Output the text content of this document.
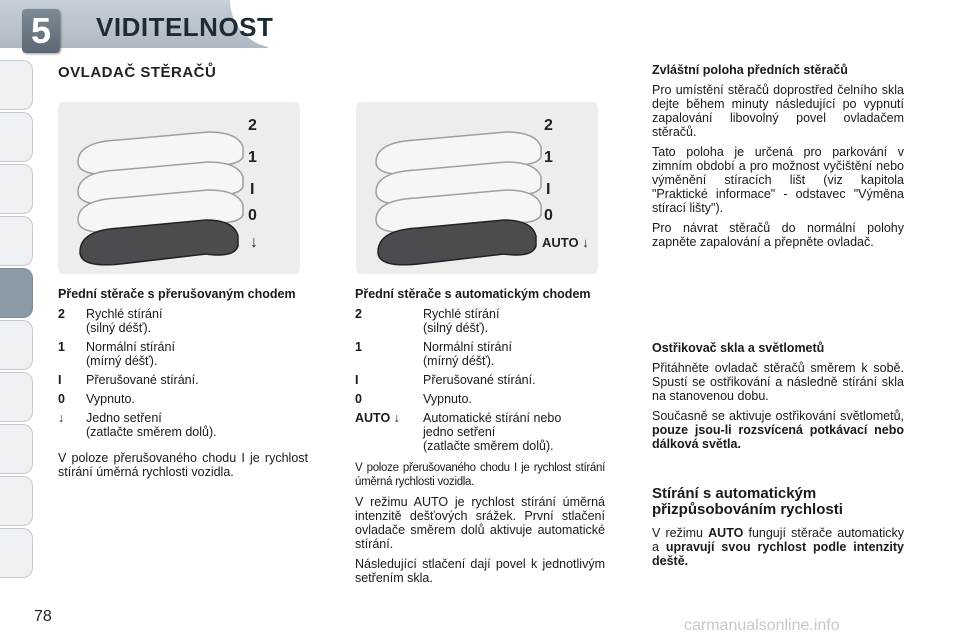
5	VIDITELNOST
OVLADAČ STĚRAČŮ
2
1
I
0
↓
2
1
I
0
AUTO ↓
Přední stěrače s přerušovaným chodem
2	Rychlé stírání
(silný déšť).
1	Normální stírání
(mírný déšť).
I	Přerušované stírání.
0	Vypnuto.
↓	Jedno setření
(zatlačte směrem dolů).

V poloze přerušovaného chodu I je rychlost stírání úměrná rychlosti vozidla.

Přední stěrače s automatickým chodem
2	Rychlé stírání
(silný déšť).
1	Normální stírání
(mírný déšť).
I	Přerušované stírání.
0	Vypnuto.
AUTO ↓	Automatické stírání nebo
jedno setření
(zatlačte směrem dolů).

V poloze přerušovaného chodu I je rychlost stírání úměrná rychlosti vozidla.

V režimu AUTO je rychlost stírání úměrná intenzitě dešťových srážek. První stlačení ovladače směrem dolů aktivuje automatické stírání.

Následující stlačení dají povel k jednotlivým setřením skla.

Zvláštní poloha předních stěračů

Pro umístění stěračů doprostřed čelního skla dejte během minuty následující po vypnutí zapalování libovolný povel ovladačem stěračů.

Tato poloha je určená pro parkování v zimním období a pro možnost vyčištění nebo výměnění stíracích lišt (viz kapitola "Praktické informace" - odstavec "Výměna stírací lišty").

Pro návrat stěračů do normální polohy zapněte zapalování a přepněte ovladač.

Ostřikovač skla a světlometů

Přitáhněte ovladač stěračů směrem k sobě. Spustí se ostřikování a následně stírání skla na stanovenou dobu.

Současně se aktivuje ostřikování světlometů, pouze jsou-li rozsvícená potkávací nebo dálková světla.

Stírání s automatickým přizpůsobováním rychlosti

V režimu AUTO fungují stěrače automaticky a upravují svou rychlost podle intenzity deště.

78
carmanualsonline.info
